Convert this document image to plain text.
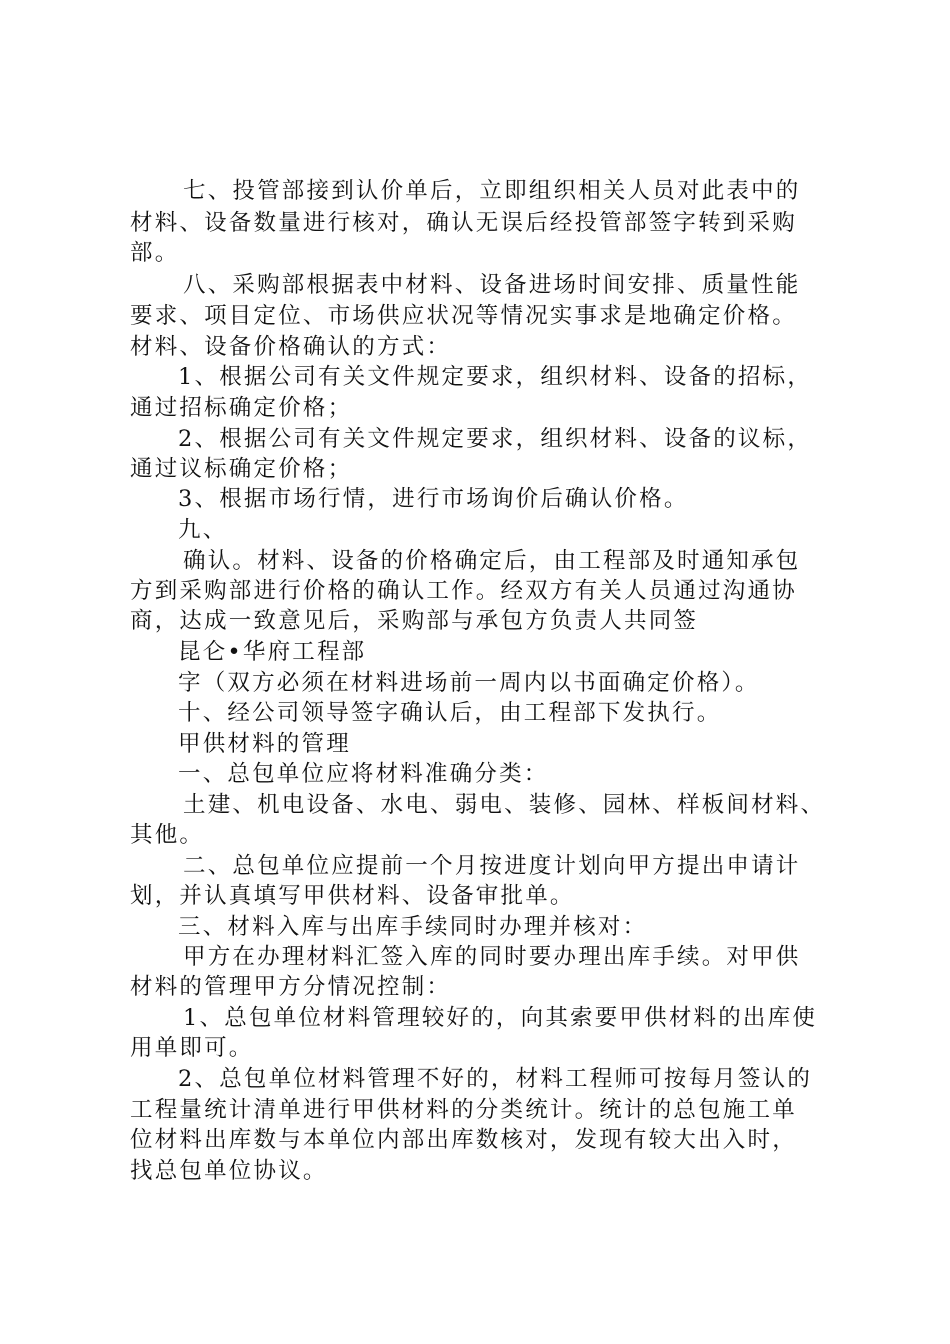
七、投管部接到认价单后，立即组织相关人员对此表中的
材料、设备数量进行核对，确认无误后经投管部签字转到采购
部。
八、采购部根据表中材料、设备进场时间安排、质量性能
要求、项目定位、市场供应状况等情况实事求是地确定价格。
材料、设备价格确认的方式：
1、根据公司有关文件规定要求，组织材料、设备的招标，
通过招标确定价格；
2、根据公司有关文件规定要求，组织材料、设备的议标，
通过议标确定价格；
3、根据市场行情，进行市场询价后确认价格。
九、
确认。材料、设备的价格确定后，由工程部及时通知承包
方到采购部进行价格的确认工作。经双方有关人员通过沟通协
商，达成一致意见后，采购部与承包方负责人共同签
昆仑•华府工程部
字（双方必须在材料进场前一周内以书面确定价格）。
十、经公司领导签字确认后，由工程部下发执行。
甲供材料的管理
一、总包单位应将材料准确分类：
土建、机电设备、水电、弱电、装修、园林、样板间材料、
其他。
二、总包单位应提前一个月按进度计划向甲方提出申请计
划，并认真填写甲供材料、设备审批单。
三、材料入库与出库手续同时办理并核对：
甲方在办理材料汇签入库的同时要办理出库手续。对甲供
材料的管理甲方分情况控制：
1、总包单位材料管理较好的，向其索要甲供材料的出库使
用单即可。
2、总包单位材料管理不好的，材料工程师可按每月签认的
工程量统计清单进行甲供材料的分类统计。统计的总包施工单
位材料出库数与本单位内部出库数核对，发现有较大出入时，
找总包单位协议。
